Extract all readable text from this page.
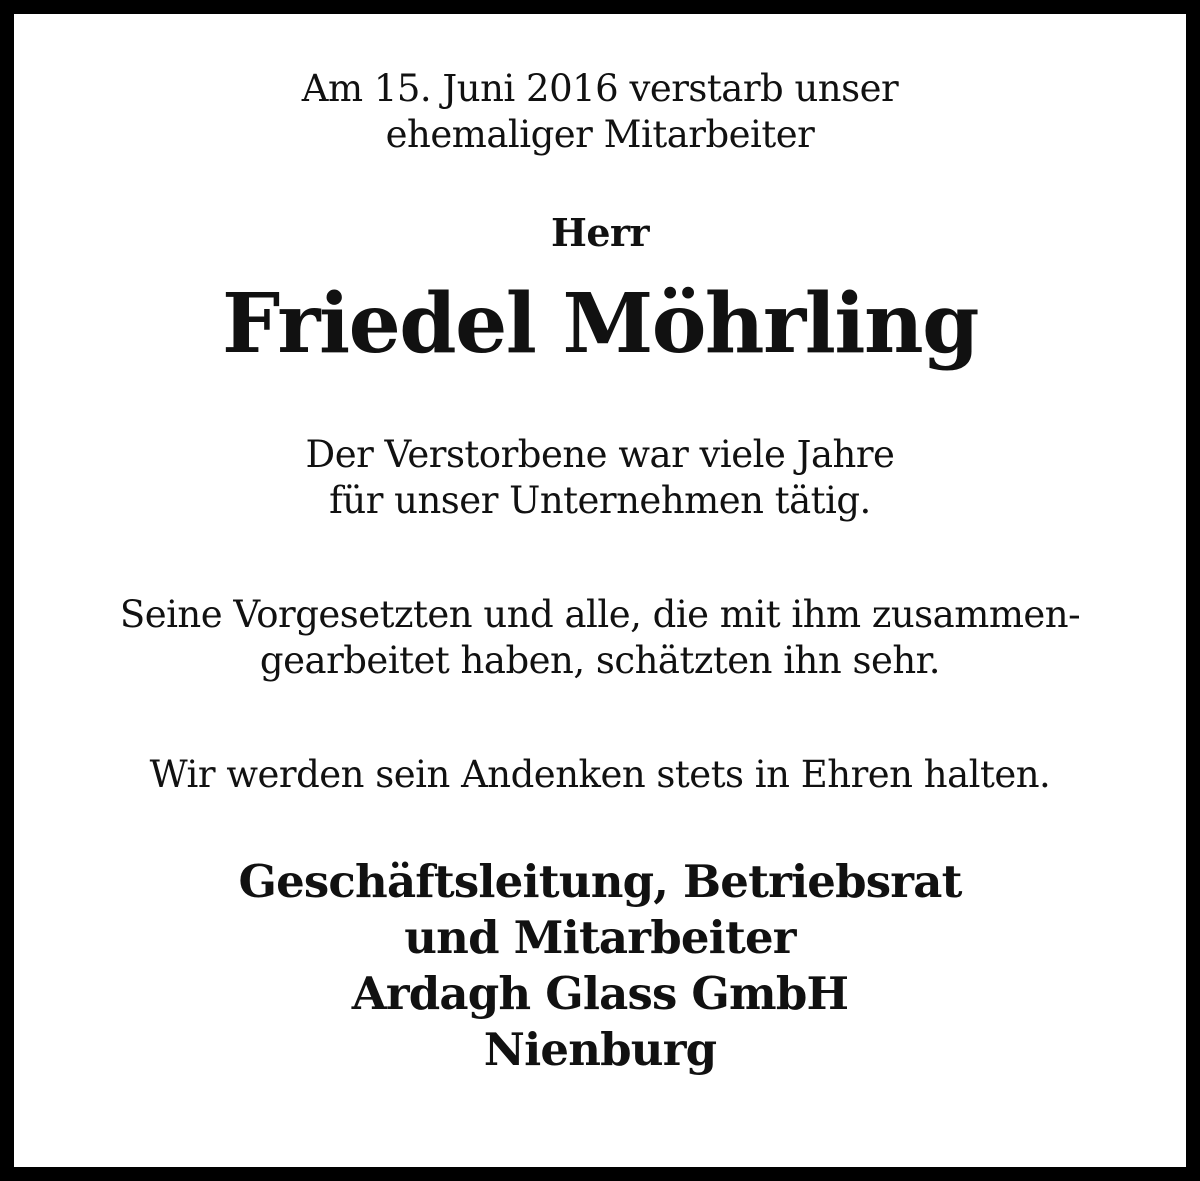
Am 15. Juni 2016 verstarb unser
ehemaliger Mitarbeiter
Herr
Friedel Möhrling
Der Verstorbene war viele Jahre
für unser Unternehmen tätig.
Seine Vorgesetzten und alle, die mit ihm zusammen-
gearbeitet haben, schätzten ihn sehr.
Wir werden sein Andenken stets in Ehren halten.
Geschäftsleitung, Betriebsrat
und Mitarbeiter
Ardagh Glass GmbH
Nienburg
